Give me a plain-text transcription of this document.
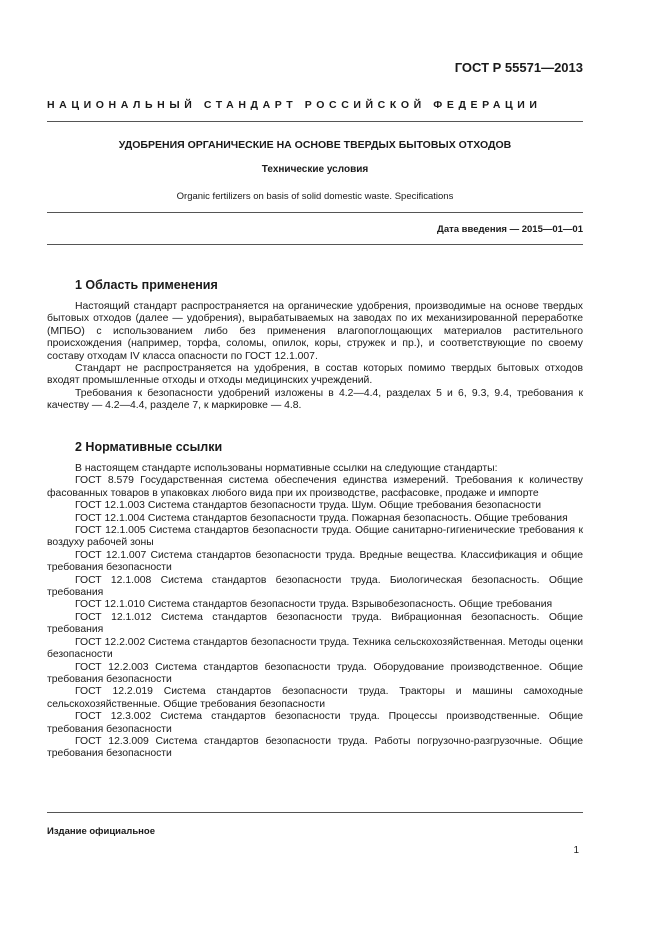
ГОСТ Р 55571—2013
НАЦИОНАЛЬНЫЙ СТАНДАРТ РОССИЙСКОЙ ФЕДЕРАЦИИ
УДОБРЕНИЯ ОРГАНИЧЕСКИЕ НА ОСНОВЕ ТВЕРДЫХ БЫТОВЫХ ОТХОДОВ
Технические условия
Organic fertilizers on basis of solid domestic waste. Specifications
Дата введения — 2015—01—01
1 Область применения

Настоящий стандарт распространяется на органические удобрения, производимые на основе твердых бытовых отходов (далее — удобрения), вырабатываемых на заводах по их механизированной переработке (МПБО) с использованием либо без применения влагопоглощающих материалов растительного происхождения (например, торфа, соломы, опилок, коры, стружек и пр.), и соответствующие по своему составу отходам IV класса опасности по ГОСТ 12.1.007.

Стандарт не распространяется на удобрения, в состав которых помимо твердых бытовых отходов входят промышленные отходы и отходы медицинских учреждений.

Требования к безопасности удобрений изложены в 4.2—4.4, разделах 5 и 6, 9.3, 9.4, требования к качеству — 4.2—4.4, разделе 7, к маркировке — 4.8.

2 Нормативные ссылки

В настоящем стандарте использованы нормативные ссылки на следующие стандарты:

ГОСТ 8.579 Государственная система обеспечения единства измерений. Требования к количеству фасованных товаров в упаковках любого вида при их производстве, расфасовке, продаже и импорте

ГОСТ 12.1.003 Система стандартов безопасности труда. Шум. Общие требования безопасности

ГОСТ 12.1.004 Система стандартов безопасности труда. Пожарная безопасность. Общие требования

ГОСТ 12.1.005 Система стандартов безопасности труда. Общие санитарно-гигиенические требования к воздуху рабочей зоны

ГОСТ 12.1.007 Система стандартов безопасности труда. Вредные вещества. Классификация и общие требования безопасности

ГОСТ 12.1.008 Система стандартов безопасности труда. Биологическая безопасность. Общие требования

ГОСТ 12.1.010 Система стандартов безопасности труда. Взрывобезопасность. Общие требования

ГОСТ 12.1.012 Система стандартов безопасности труда. Вибрационная безопасность. Общие требования

ГОСТ 12.2.002 Система стандартов безопасности труда. Техника сельскохозяйственная. Методы оценки безопасности

ГОСТ 12.2.003 Система стандартов безопасности труда. Оборудование производственное. Общие требования безопасности

ГОСТ 12.2.019 Система стандартов безопасности труда. Тракторы и машины самоходные сельскохозяйственные. Общие требования безопасности

ГОСТ 12.3.002 Система стандартов безопасности труда. Процессы производственные. Общие требования безопасности

ГОСТ 12.3.009 Система стандартов безопасности труда. Работы погрузочно-разгрузочные. Общие требования безопасности

Издание официальное
1
